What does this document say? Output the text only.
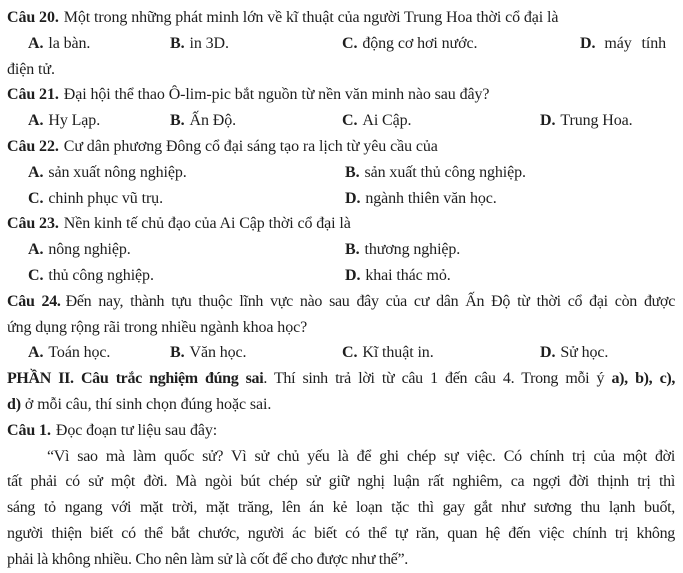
Câu 20. Một trong những phát minh lớn về kĩ thuật của người Trung Hoa thời cổ đại là

A. la bàn.	B. in 3D.	C. động cơ hơi nước.	D. máy tính

điện tử.

Câu 21. Đại hội thể thao Ô-lim-pic bắt nguồn từ nền văn minh nào sau đây?

A. Hy Lạp.	B. Ấn Độ.	C. Ai Cập.	D. Trung Hoa.

Câu 22. Cư dân phương Đông cổ đại sáng tạo ra lịch từ yêu cầu của

A. sản xuất nông nghiệp.	B. sản xuất thủ công nghiệp.
C. chinh phục vũ trụ.	D. ngành thiên văn học.

Câu 23. Nền kinh tế chủ đạo của Ai Cập thời cổ đại là

A. nông nghiệp.	B. thương nghiệp.
C. thủ công nghiệp.	D. khai thác mỏ.
Câu 24. Đến nay, thành tựu thuộc lĩnh vực nào sau đây của cư dân Ấn Độ từ thời cổ đại còn được

ứng dụng rộng rãi trong nhiều ngành khoa học?

A. Toán học.	B. Văn học.	C. Kĩ thuật in.	D. Sử học.
PHẦN II. Câu trắc nghiệm đúng sai. Thí sinh trả lời từ câu 1 đến câu 4. Trong mỗi ý a), b), c),
d) ở mỗi câu, thí sinh chọn đúng hoặc sai.

Câu 1. Đọc đoạn tư liệu sau đây:

“Vì sao mà làm quốc sử? Vì sử chủ yếu là để ghi chép sự việc. Có chính trị của một đời
tất phải có sử một đời. Mà ngòi bút chép sử giữ nghị luận rất nghiêm, ca ngợi đời thịnh trị thì
sáng tỏ ngang với mặt trời, mặt trăng, lên án kẻ loạn tặc thì gay gắt như sương thu lạnh buốt,
người thiện biết có thể bắt chước, người ác biết có thể tự răn, quan hệ đến việc chính trị không
phải là không nhiều. Cho nên làm sử là cốt để cho được như thế”.
